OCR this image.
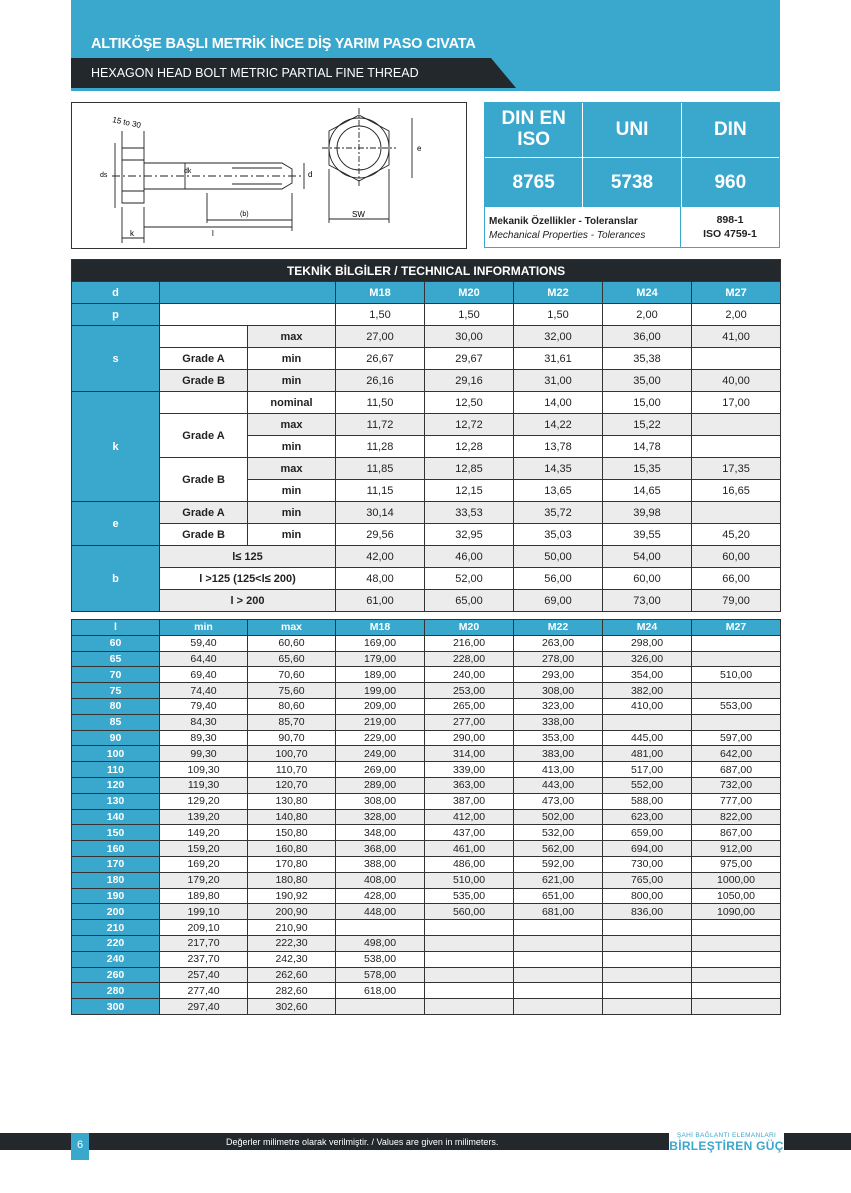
ALTIKÖŞE BAŞLI METRİK İNCE DİŞ YARIM PASO CIVATA
HEXAGON HEAD BOLT METRIC PARTIAL FINE THREAD
15 to 30
dk	d
ds
(b)
k	l
e
SW
DIN EN ISO	UNI	DIN
8765	5738	960
Mekanik Özellikler - Toleranslar
Mechanical Properties - Tolerances
898-1
ISO 4759-1
TEKNİK BİLGİLER / TECHNICAL INFORMATIONS							
d			M18	M20	M22	M24	M27
p			1,50	1,50	1,50	2,00	2,00
s		max	27,00	30,00	32,00	36,00	41,00
	Grade A	min	26,67	29,67	31,61	35,38	
	Grade B	min	26,16	29,16	31,00	35,00	40,00
k		nominal	11,50	12,50	14,00	15,00	17,00
	Grade A	max	11,72	12,72	14,22	15,22	
		min	11,28	12,28	13,78	14,78	
	Grade B	max	11,85	12,85	14,35	15,35	17,35
		min	11,15	12,15	13,65	14,65	16,65
e	Grade A	min	30,14	33,53	35,72	39,98	
	Grade B	min	29,56	32,95	35,03	39,55	45,20
b	l≤ 125		42,00	46,00	50,00	54,00	60,00
	l >125 (125<l≤ 200)		48,00	52,00	56,00	60,00	66,00
	l > 200		61,00	65,00	69,00	73,00	79,00
l	min	max	M18	M20	M22	M24	M27
60	59,40	60,60	169,00	216,00	263,00	298,00	
65	64,40	65,60	179,00	228,00	278,00	326,00	
70	69,40	70,60	189,00	240,00	293,00	354,00	510,00
75	74,40	75,60	199,00	253,00	308,00	382,00	
80	79,40	80,60	209,00	265,00	323,00	410,00	553,00
85	84,30	85,70	219,00	277,00	338,00		
90	89,30	90,70	229,00	290,00	353,00	445,00	597,00
100	99,30	100,70	249,00	314,00	383,00	481,00	642,00
110	109,30	110,70	269,00	339,00	413,00	517,00	687,00
120	119,30	120,70	289,00	363,00	443,00	552,00	732,00
130	129,20	130,80	308,00	387,00	473,00	588,00	777,00
140	139,20	140,80	328,00	412,00	502,00	623,00	822,00
150	149,20	150,80	348,00	437,00	532,00	659,00	867,00
160	159,20	160,80	368,00	461,00	562,00	694,00	912,00
170	169,20	170,80	388,00	486,00	592,00	730,00	975,00
180	179,20	180,80	408,00	510,00	621,00	765,00	1000,00
190	189,80	190,92	428,00	535,00	651,00	800,00	1050,00
200	199,10	200,90	448,00	560,00	681,00	836,00	1090,00
210	209,10	210,90					
220	217,70	222,30	498,00				
240	237,70	242,30	538,00				
260	257,40	262,60	578,00				
280	277,40	282,60	618,00				
300	297,40	302,60					
6	Değerler milimetre olarak verilmiştir. / Values are given in milimeters.
ŞAHİ BAĞLANTI ELEMANLARI
BİRLEŞTİREN GÜÇ
